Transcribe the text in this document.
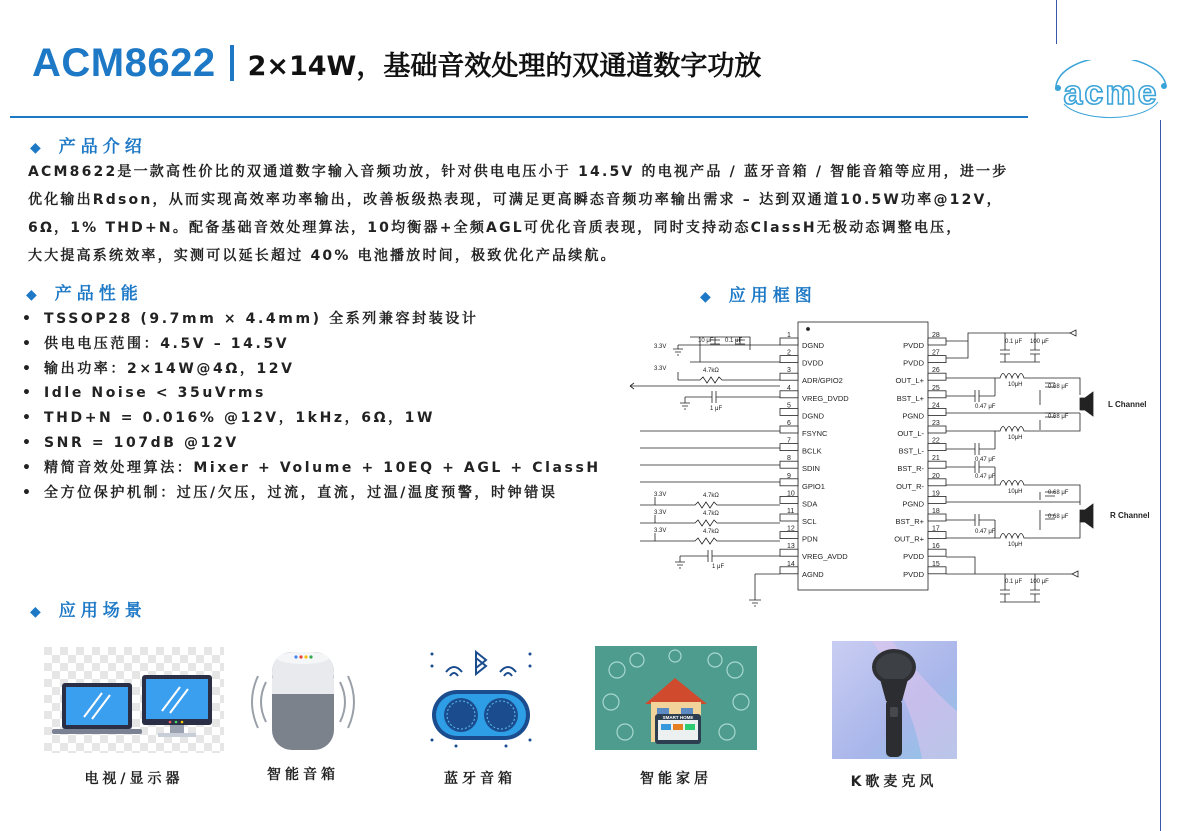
ACM8622 2×14W，基础音效处理的双通道数字功放
acme
◆ 产品介绍
ACM8622是一款高性价比的双通道数字输入音频功放，针对供电电压小于 14.5V 的电视产品 / 蓝牙音箱 / 智能音箱等应用，进一步
优化输出Rdson，从而实现高效率功率输出，改善板级热表现，可满足更高瞬态音频功率输出需求 – 达到双通道10.5W功率@12V，
6Ω，1% THD+N。配备基础音效处理算法，10均衡器+全频AGL可优化音质表现，同时支持动态ClassH无极动态调整电压，
大大提高系统效率，实测可以延长超过 40% 电池播放时间，极致优化产品续航。
◆ 产品性能
• TSSOP28 (9.7mm × 4.4mm) 全系列兼容封装设计
• 供电电压范围：4.5V – 14.5V
• 输出功率：2×14W@4Ω，12V
• Idle Noise < 35uVrms
• THD+N = 0.016% @12V，1kHz，6Ω，1W
• SNR = 107dB @12V
• 精简音效处理算法：Mixer + Volume + 10EQ + AGL + ClassH
• 全方位保护机制：过压/欠压，过流，直流，过温/温度预警，时钟错误
◆ 应用框图
1
DGND
2
DVDD
3
ADR/GPIO2
4
VREG_DVDD
5
DGND
6
FSYNC
7
BCLK
8
SDIN
9
GPIO1
10
SDA
11
SCL
12
PDN
13
VREG_AVDD
14
AGND
28
PVDD
27
PVDD
26
OUT_L+
25
BST_L+
24
PGND
23
OUT_L-
22
BST_L-
21
BST_R-
20
OUT_R-
19
PGND
18
BST_R+
17
OUT_R+
16
PVDD
15
PVDD
3.3V
3.3V
3.3V
3.3V
3.3V
4.7kΩ
4.7kΩ
4.7kΩ
4.7kΩ
10 μF 0.1 μF
1 μF
1 μF
0.1 μF 100 μF
0.1 μF 100 μF
0.47 μF
0.47 μF
0.47 μF
0.47 μF
10μH
10μH
10μH
10μH
0.68 μF
0.68 μF
0.68 μF
0.68 μF
L Channel
R Channel
◆ 应用场景
电视/显示器	智能音箱	蓝牙音箱
SMART HOME
智能家居	K歌麦克风
